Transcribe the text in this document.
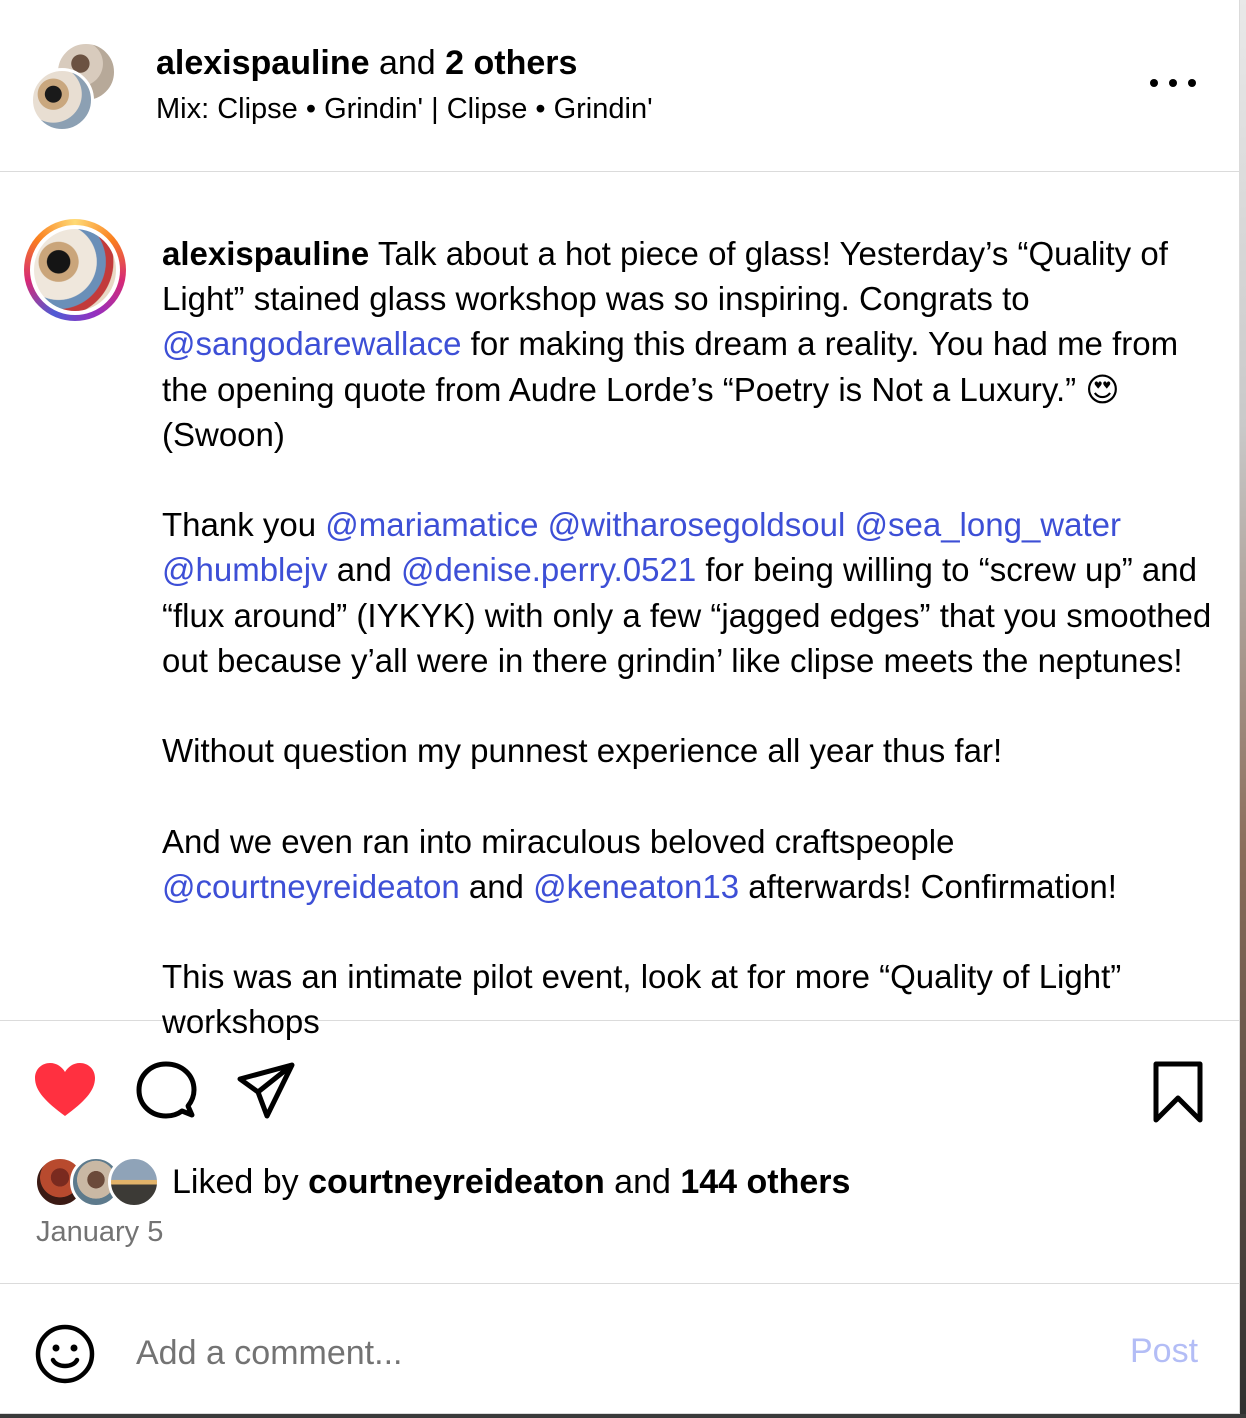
alexispauline and 2 others
Mix: Clipse • Grindin' | Clipse • Grindin'

alexispauline Talk about a hot piece of glass! Yesterday’s “Quality of Light” stained glass workshop was so inspiring. Congrats to @sangodarewallace for making this dream a reality. You had me from the opening quote from Audre Lorde’s “Poetry is Not a Luxury.” 😍 (Swoon)

Thank you @mariamatice @witharosegoldsoul @sea_long_water @humblejv and @denise.perry.0521 for being willing to “screw up” and “flux around” (IYKYK) with only a few “jagged edges” that you smoothed out because y’all were in there grindin’ like clipse meets the neptunes!

Without question my punnest experience all year thus far!

And we even ran into miraculous beloved craftspeople @courtneyreideaton and @keneaton13 afterwards! Confirmation!

This was an intimate pilot event, look at for more “Quality of Light” workshops

Liked by courtneyreideaton and 144 others
January 5
Add a comment...
Post
